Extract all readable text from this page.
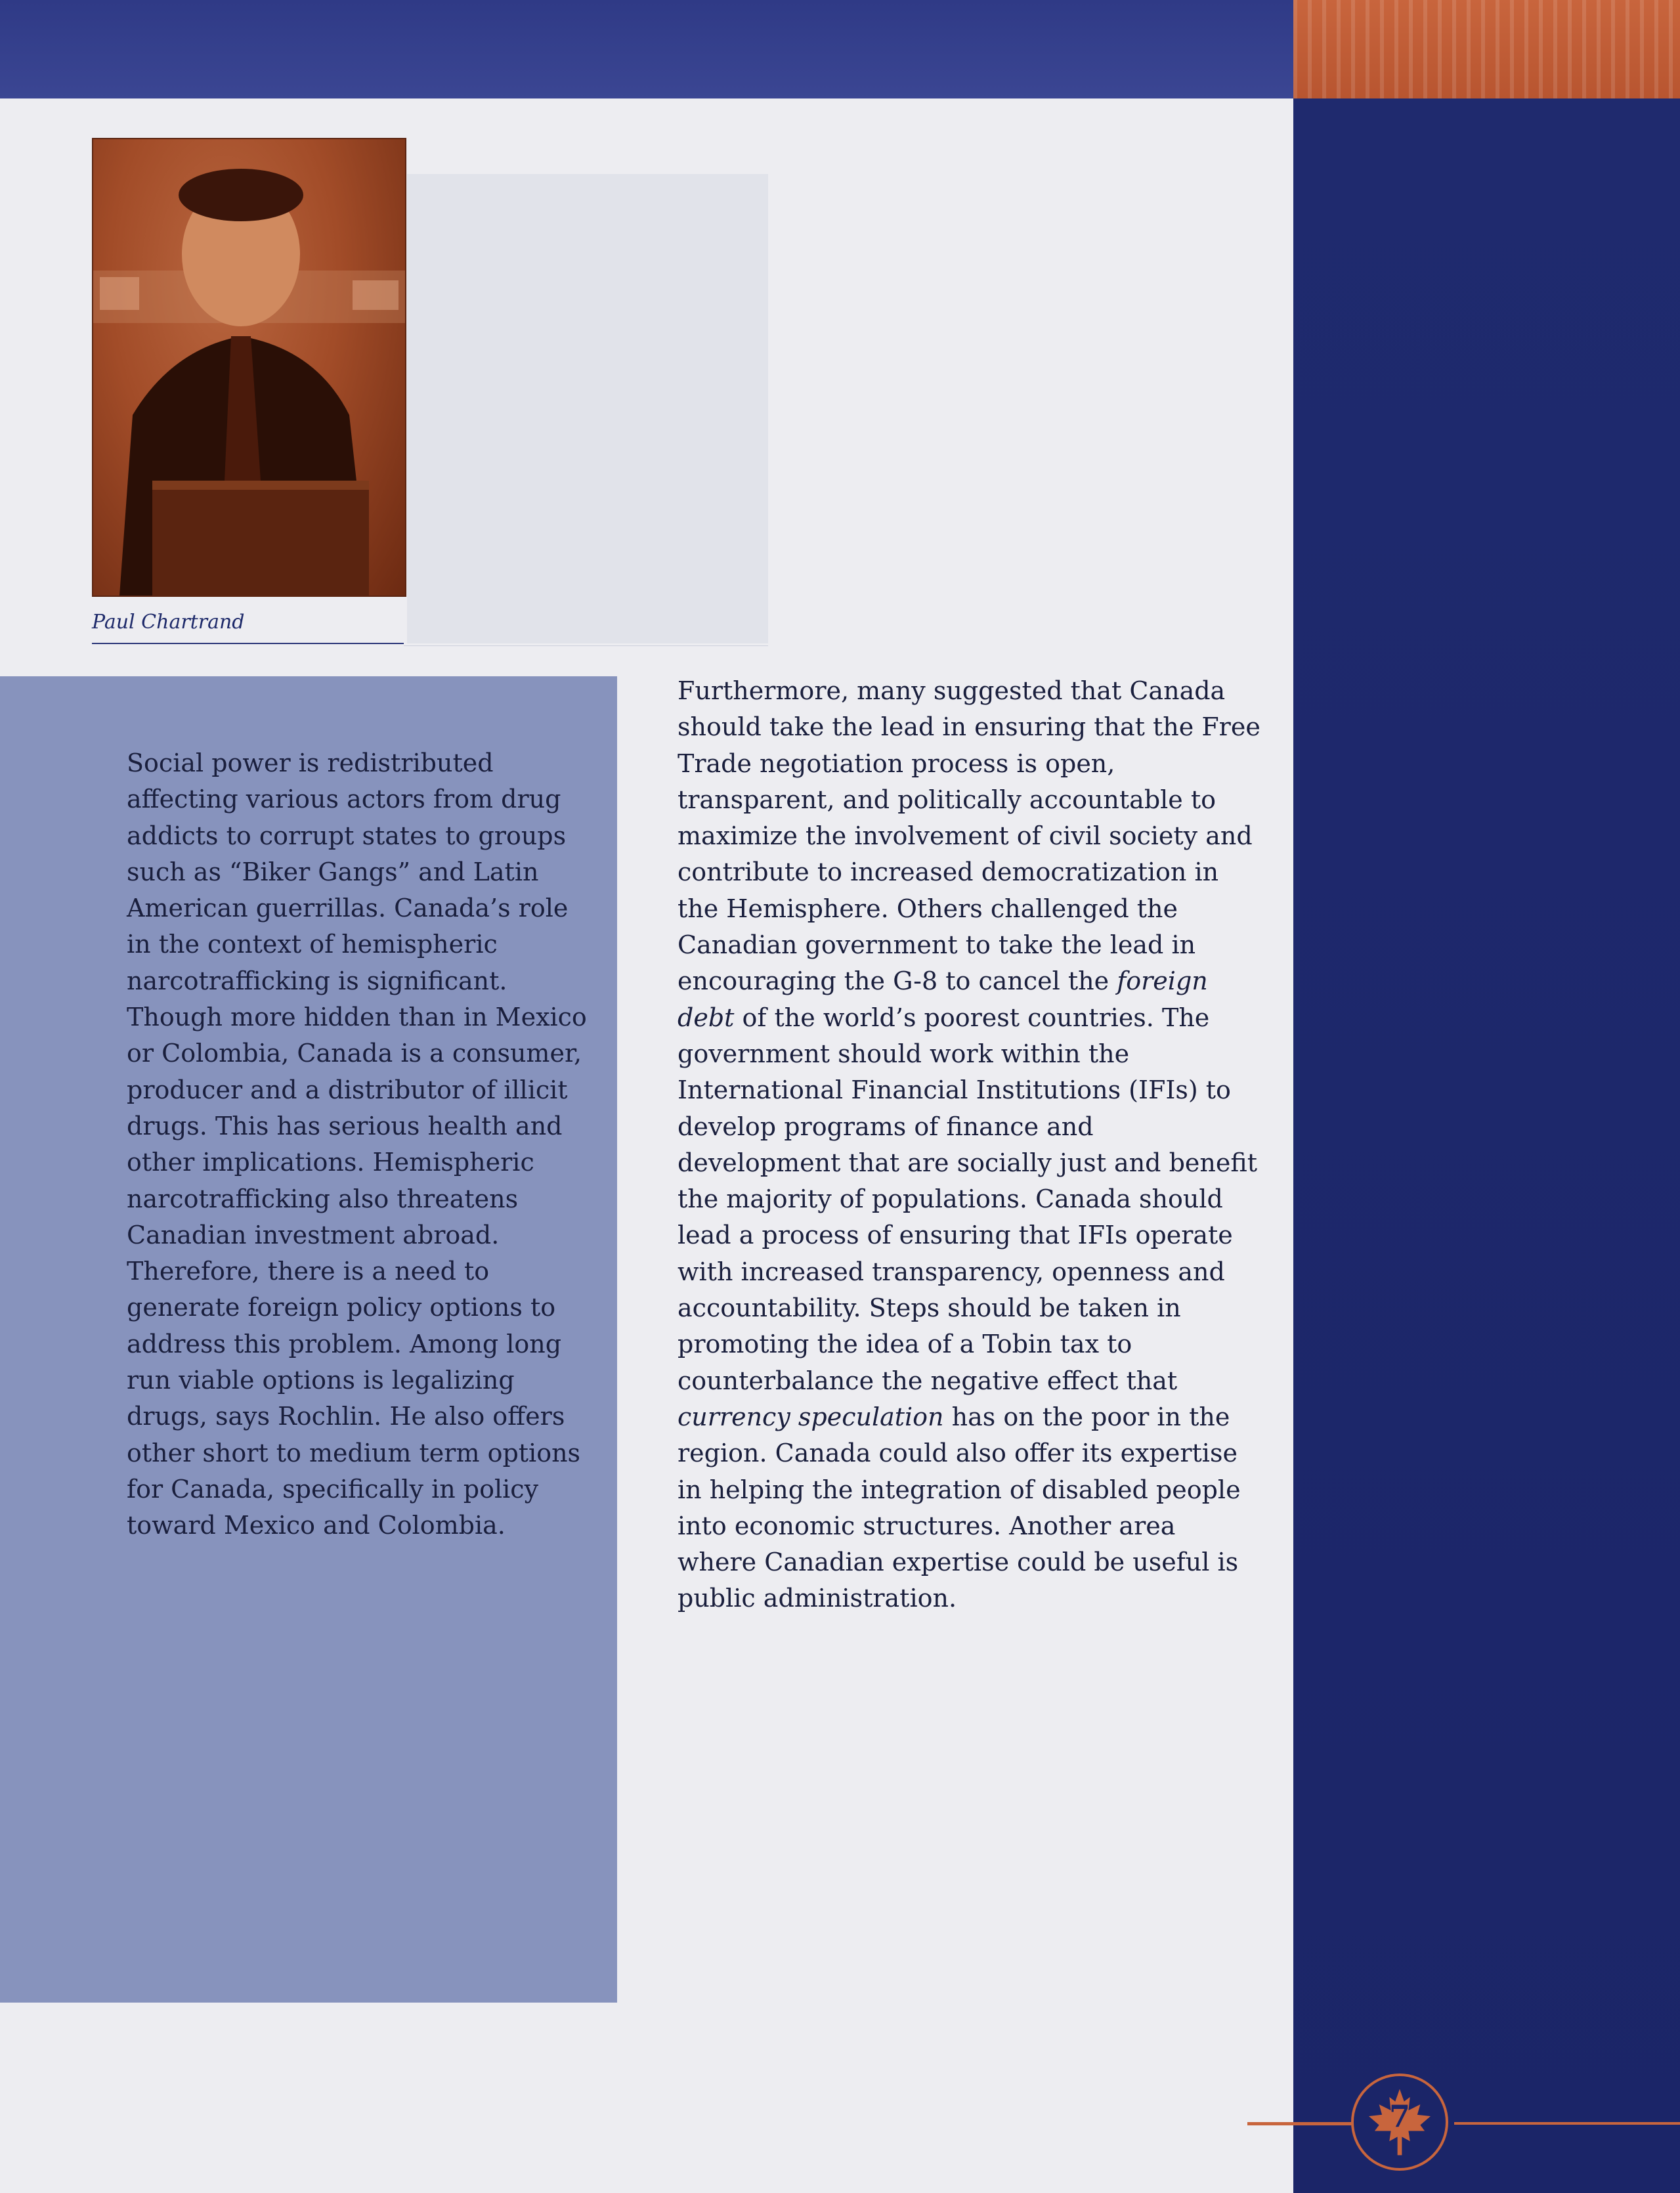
Paul Chartrand
Social power is redistributed affecting various actors from drug addicts to corrupt states to groups such as “Biker Gangs” and Latin American guerrillas. Canada’s role in the context of hemispheric narcotrafficking is significant. Though more hidden than in Mexico or Colombia, Canada is a consumer, producer and a distributor of illicit drugs. This has serious health and other implications. Hemispheric narcotrafficking also threatens Canadian investment abroad. Therefore, there is a need to generate foreign policy options to address this problem. Among long run viable options is legalizing drugs, says Rochlin. He also offers other short to medium term options for Canada, specifically in policy toward Mexico and Colombia.
Furthermore, many suggested that Canada should take the lead in ensuring that the Free Trade negotiation process is open, transparent, and politically accountable to maximize the involvement of civil society and contribute to increased democratization in the Hemisphere. Others challenged the Canadian government to take the lead in encouraging the G-8 to cancel the foreign debt of the world’s poorest countries. The government should work within the International Financial Institutions (IFIs) to develop programs of finance and development that are socially just and benefit the majority of populations. Canada should lead a process of ensuring that IFIs operate with increased transparency, openness and accountability. Steps should be taken in promoting the idea of a Tobin tax to counterbalance the negative effect that currency speculation has on the poor in the region. Canada could also offer its expertise in helping the integration of disabled people into economic structures. Another area where Canadian expertise could be useful is public administration.
7
